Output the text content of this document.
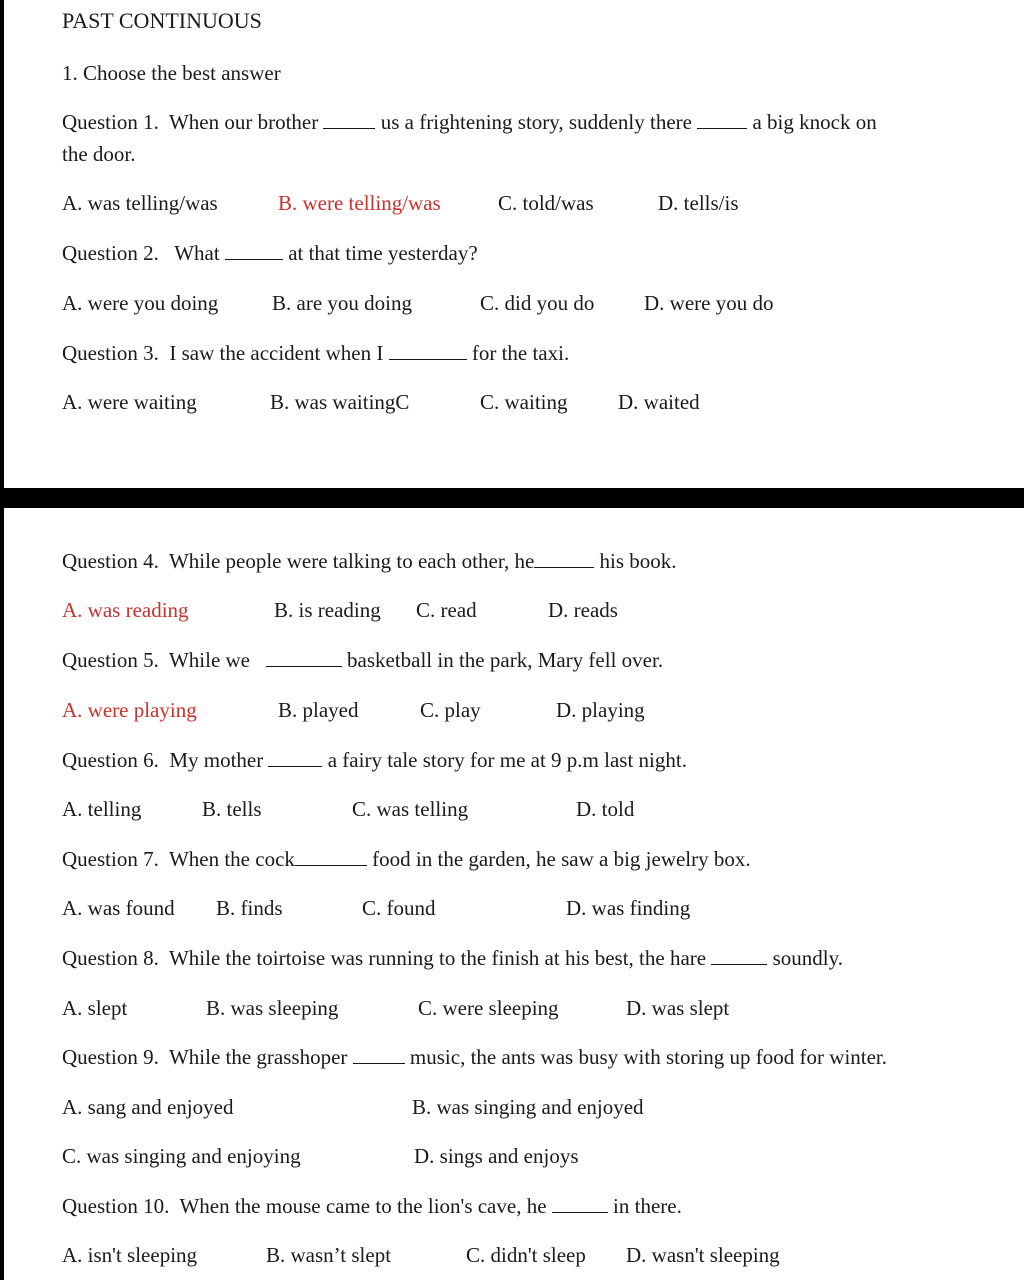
PAST CONTINUOUS
1. Choose the best answer
Question 1. When our brother	us a frightening story, suddenly there	a big knock on
the door.
A. was telling/was	B. were telling/was	C. told/was	D. tells/is
Question 2. What	at that time yesterday?
A. were you doing	B. are you doing	C. did you do D. were you do
Question 3. I saw the accident when I	for the taxi.
A. were waiting	B. was waitingC	C. waiting D. waited
Question 4. While people were talking to each other, he	his book.
A. was reading	B. is reading C. read	D. reads
Question 5. While we	basketball in the park, Mary fell over.
A. were playing	B. played	C. play	D. playing
Question 6. My mother	a fairy tale story for me at 9 p.m last night.
A. telling	B. tells	C. was telling	D. told
Question 7. When the cock	food in the garden, he saw a big jewelry box.
A. was found B. finds	C. found	D. was finding
Question 8. While the toirtoise was running to the finish at his best, the hare	soundly.
A. slept	B. was sleeping	C. were sleeping	D. was slept
Question 9. While the grasshoper	music, the ants was busy with storing up food for winter.
A. sang and enjoyed	B. was singing and enjoyed
C. was singing and enjoying	D. sings and enjoys
Question 10. When the mouse came to the lion's cave, he	in there.
A. isn't sleeping	B. wasn’t slept	C. didn't sleep D. wasn't sleeping
